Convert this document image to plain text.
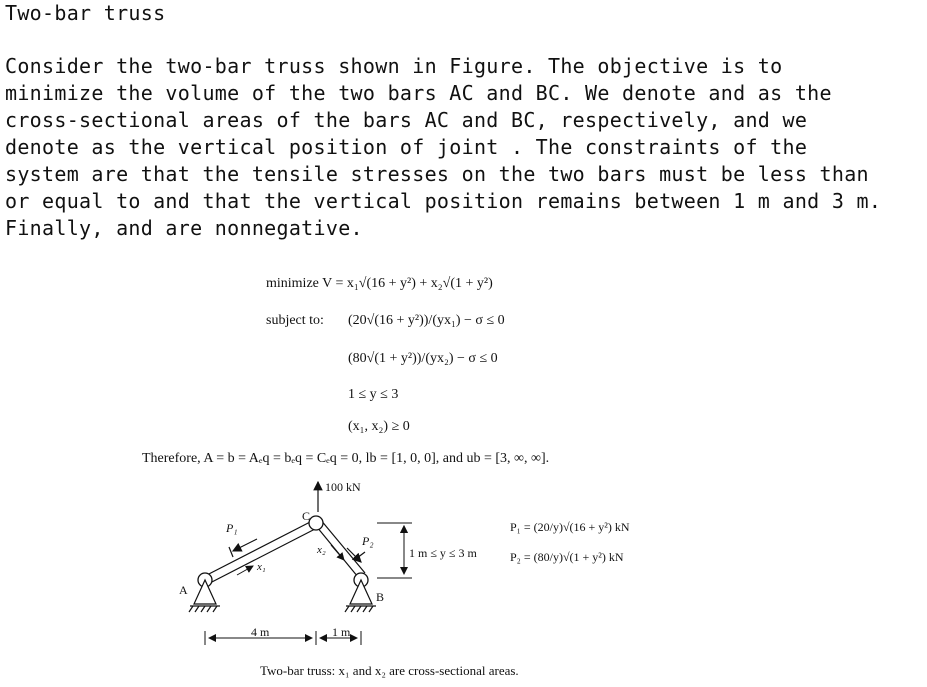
Two-bar truss
Consider the two-bar truss shown in Figure. The objective is to
minimize the volume of the two bars AC and BC. We denote and as the
cross-sectional areas of the bars AC and BC, respectively, and we
denote as the vertical position of joint . The constraints of the
system are that the tensile stresses on the two bars must be less than
or equal to and that the vertical position remains between 1 m and 3 m.
Finally, and are nonnegative.
minimize V = x₁√(16 + y²) + x₂√(1 + y²)
subject to: (20√(16 + y²))/(yx₁) − σ ≤ 0
(80√(1 + y²))/(yx₂) − σ ≤ 0
1 ≤ y ≤ 3
(x₁, x₂) ≥ 0
Therefore, A = b = Aₑq = bₑq = Cₑq = 0, lb = [1, 0, 0], and ub = [3, ∞, ∞].
100 kN
A	B
C
P₁
P₂
x₁
x₂	1 m ≤ y ≤ 3 m
4 m	1 m
P₁ = (20/y)√(16 + y²) kN
P₂ = (80/y)√(1 + y²) kN
Two-bar truss: x₁ and x₂ are cross-sectional areas.
